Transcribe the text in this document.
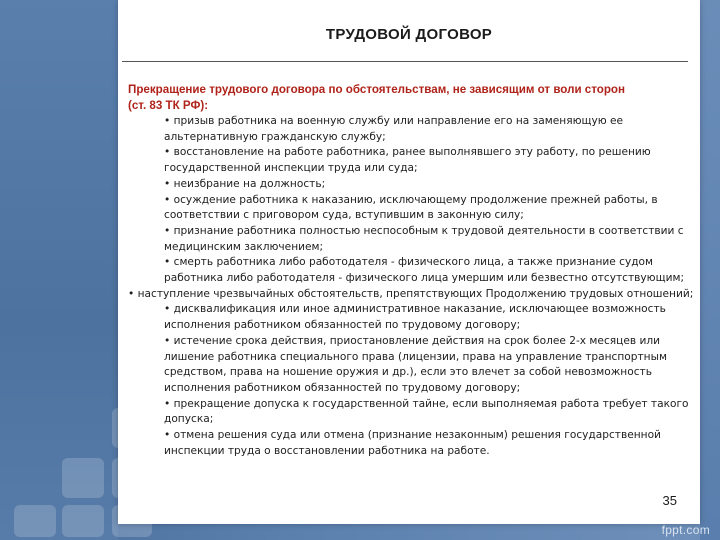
ТРУДОВОЙ ДОГОВОР

Прекращение трудового договора по обстоятельствам, не зависящим от воли сторон
(ст. 83 ТК РФ):

• призыв работника на военную службу или направление его на заменяющую ее альтернативную гражданскую службу;

• восстановление на работе работника, ранее выполнявшего эту работу, по решению государственной инспекции труда или суда;

• неизбрание на должность;

• осуждение работника к наказанию, исключающему продолжение прежней работы, в соответствии с приговором суда, вступившим в законную силу;

• признание работника полностью неспособным к трудовой деятельности в соответствии с медицинским заключением;

• смерть работника либо работодателя - физического лица, а также признание судом работника либо работодателя - физического лица умершим или безвестно отсутствующим;

• наступление чрезвычайных обстоятельств, препятствующих Продолжению трудовых отношений;

• дисквалификация или иное административное наказание, исключающее возможность исполнения работником обязанностей по трудовому договору;

• истечение срока действия, приостановление действия на срок более 2-х месяцев или лишение работника специального права (лицензии, права на управление транспортным средством, права на ношение оружия и др.), если это влечет за собой невозможность исполнения работником обязанностей по трудовому договору;

• прекращение допуска к государственной тайне, если выполняемая работа требует такого допуска;

• отмена решения суда или отмена (признание незаконным) решения государственной инспекции труда о восстановлении работника на работе.

35
fppt.com
